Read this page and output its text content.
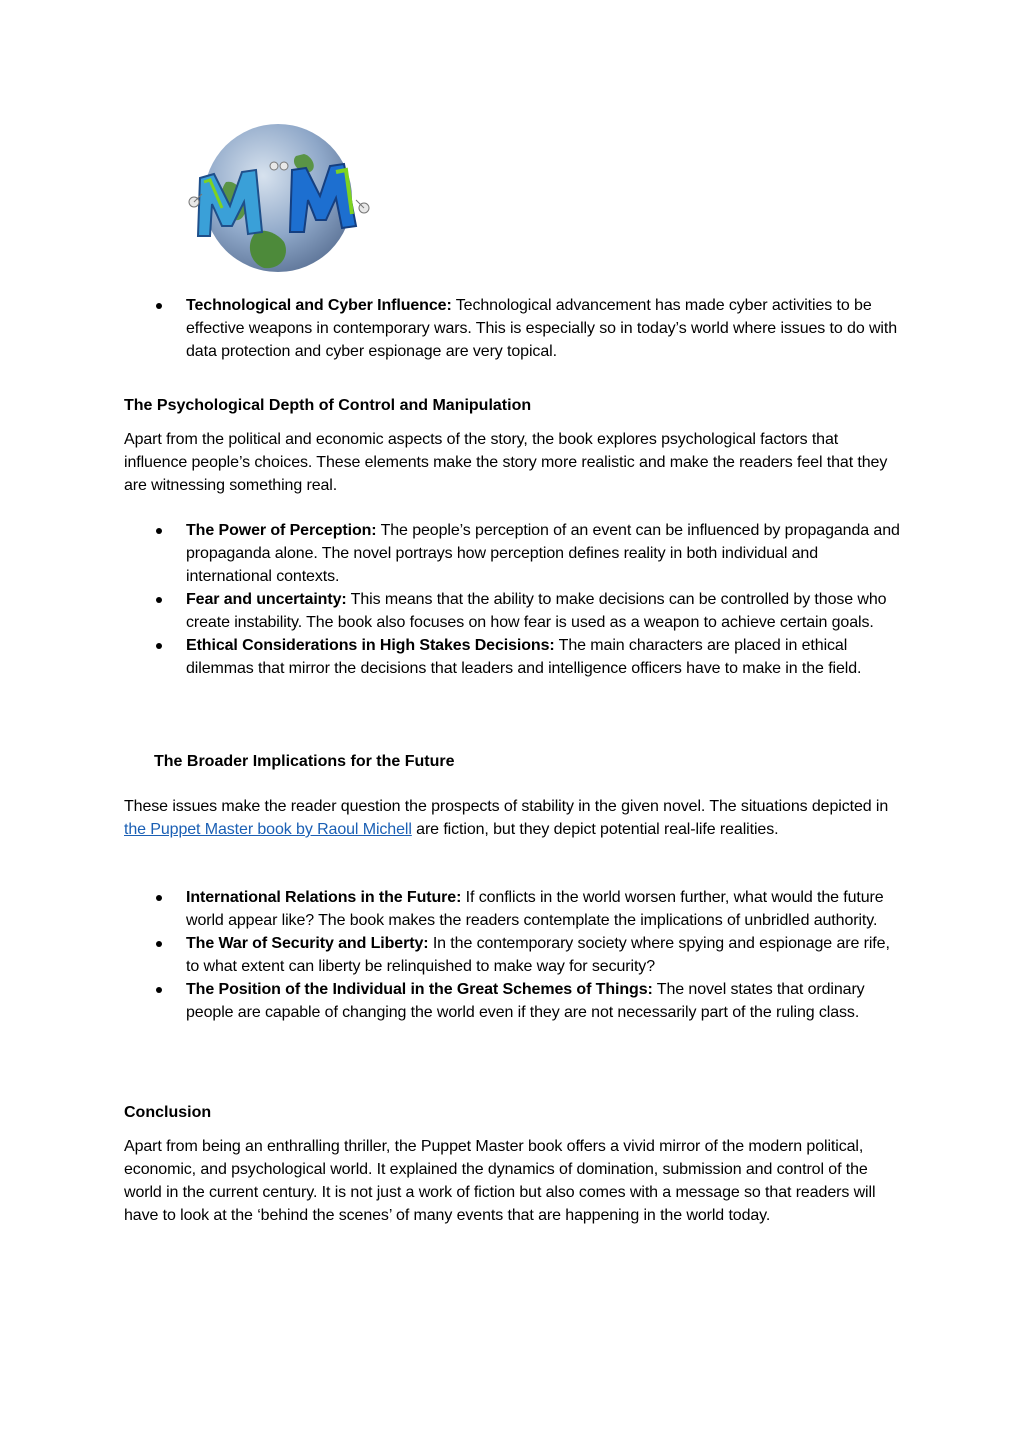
Technological and Cyber Influence: Technological advancement has made cyber activities to be effective weapons in contemporary wars. This is especially so in today’s world where issues to do with data protection and cyber espionage are very topical.
The Psychological Depth of Control and Manipulation

Apart from the political and economic aspects of the story, the book explores psychological factors that influence people’s choices. These elements make the story more realistic and make the readers feel that they are witnessing something real.

The Power of Perception: The people’s perception of an event can be influenced by propaganda and propaganda alone. The novel portrays how perception defines reality in both individual and international contexts.
Fear and uncertainty: This means that the ability to make decisions can be controlled by those who create instability. The book also focuses on how fear is used as a weapon to achieve certain goals.
Ethical Considerations in High Stakes Decisions: The main characters are placed in ethical dilemmas that mirror the decisions that leaders and intelligence officers have to make in the field.
The Broader Implications for the Future

These issues make the reader question the prospects of stability in the given novel. The situations depicted in the Puppet Master book by Raoul Michell are fiction, but they depict potential real-life realities.

International Relations in the Future: If conflicts in the world worsen further, what would the future world appear like? The book makes the readers contemplate the implications of unbridled authority.
The War of Security and Liberty: In the contemporary society where spying and espionage are rife, to what extent can liberty be relinquished to make way for security?
The Position of the Individual in the Great Schemes of Things: The novel states that ordinary people are capable of changing the world even if they are not necessarily part of the ruling class.
Conclusion

Apart from being an enthralling thriller, the Puppet Master book offers a vivid mirror of the modern political, economic, and psychological world. It explained the dynamics of domination, submission and control of the world in the current century. It is not just a work of fiction but also comes with a message so that readers will have to look at the ‘behind the scenes’ of many events that are happening in the world today.
